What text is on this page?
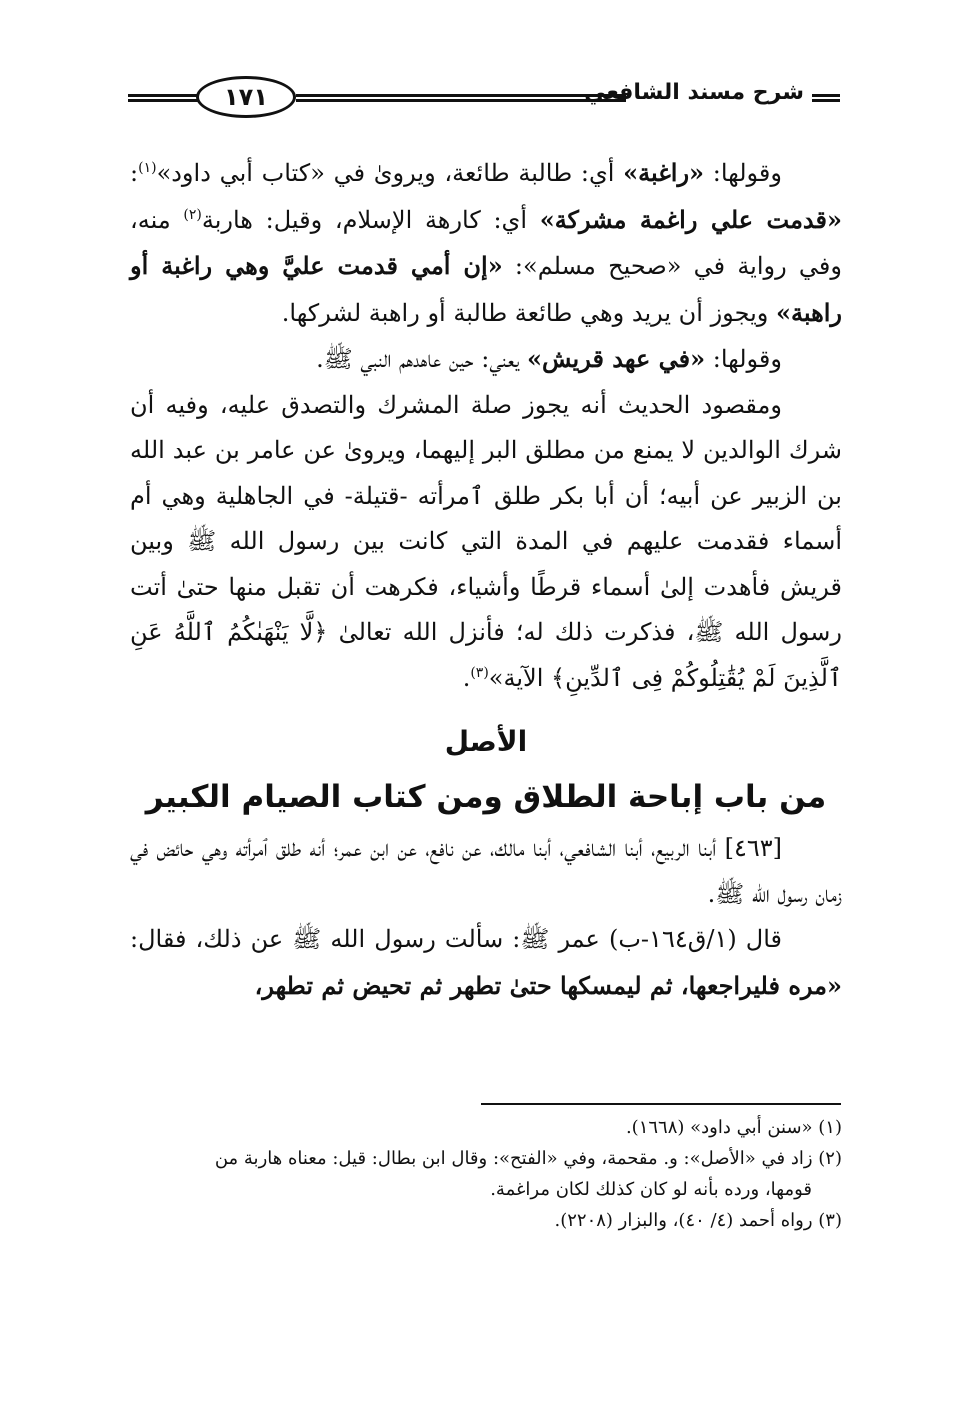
١٧١	شرح مسند الشافعي

وقولها: «راغبة» أي: طالبة طائعة، ويروىٰ في «كتاب أبي داود»$^{(١)}$: «قدمت علي راغمة مشركة» أي: كارهة الإسلام، وقيل: هاربة$^{(٢)}$ منه، وفي رواية في «صحيح مسلم»: «إن أمي قدمت عليَّ وهي راغبة أو راهبة» ويجوز أن يريد وهي طائعة طالبة أو راهبة لشركها.

وقولها: «في عهد قريش» يعني: حين عاهدهم النبي ﷺ.

ومقصود الحديث أنه يجوز صلة المشرك والتصدق عليه، وفيه أن شرك الوالدين لا يمنع من مطلق البر إليهما، ويروىٰ عن عامر بن عبد الله بن الزبير عن أبيه؛ أن أبا بكر طلق ٱمرأته -قتيلة- في الجاهلية وهي أم أسماء فقدمت عليهم في المدة التي كانت بين رسول الله ﷺ وبين قريش فأهدت إلىٰ أسماء قرطًا وأشياء، فكرهت أن تقبل منها حتىٰ أتت رسول الله ﷺ، فذكرت ذلك له؛ فأنزل الله تعالىٰ ﴿لَّا يَنْهَىٰكُمُ ٱللَّهُ عَنِ ٱلَّذِينَ لَمْ يُقَٰتِلُوكُمْ فِى ٱلدِّينِ﴾ الآية»$^{(٣)}$.

الأصل
من باب إباحة الطلاق ومن كتاب الصيام الكبير

[٤٦٣] أبنا الربيع، أبنا الشافعي، أبنا مالك، عن نافع، عن ابن عمر؛ أنه طلق ٱمرأته وهي حائض في زمان رسول الله ﷺ.

قال (١/ق١٦٤-ب) عمر ﷺ: سألت رسول الله ﷺ عن ذلك، فقال: «مره فليراجعها، ثم ليمسكها حتىٰ تطهر ثم تحيض ثم تطهر،

(١) «سنن أبي داود» (١٦٦٨).

(٢) زاد في «الأصل»: و. مقحمة، وفي «الفتح»: وقال ابن بطال: قيل: معناه هاربة من

قومها، ورده بأنه لو كان كذلك لكان مراغمة.

(٣) رواه أحمد (٤/ ٤٠)، والبزار (٢٢٠٨).
